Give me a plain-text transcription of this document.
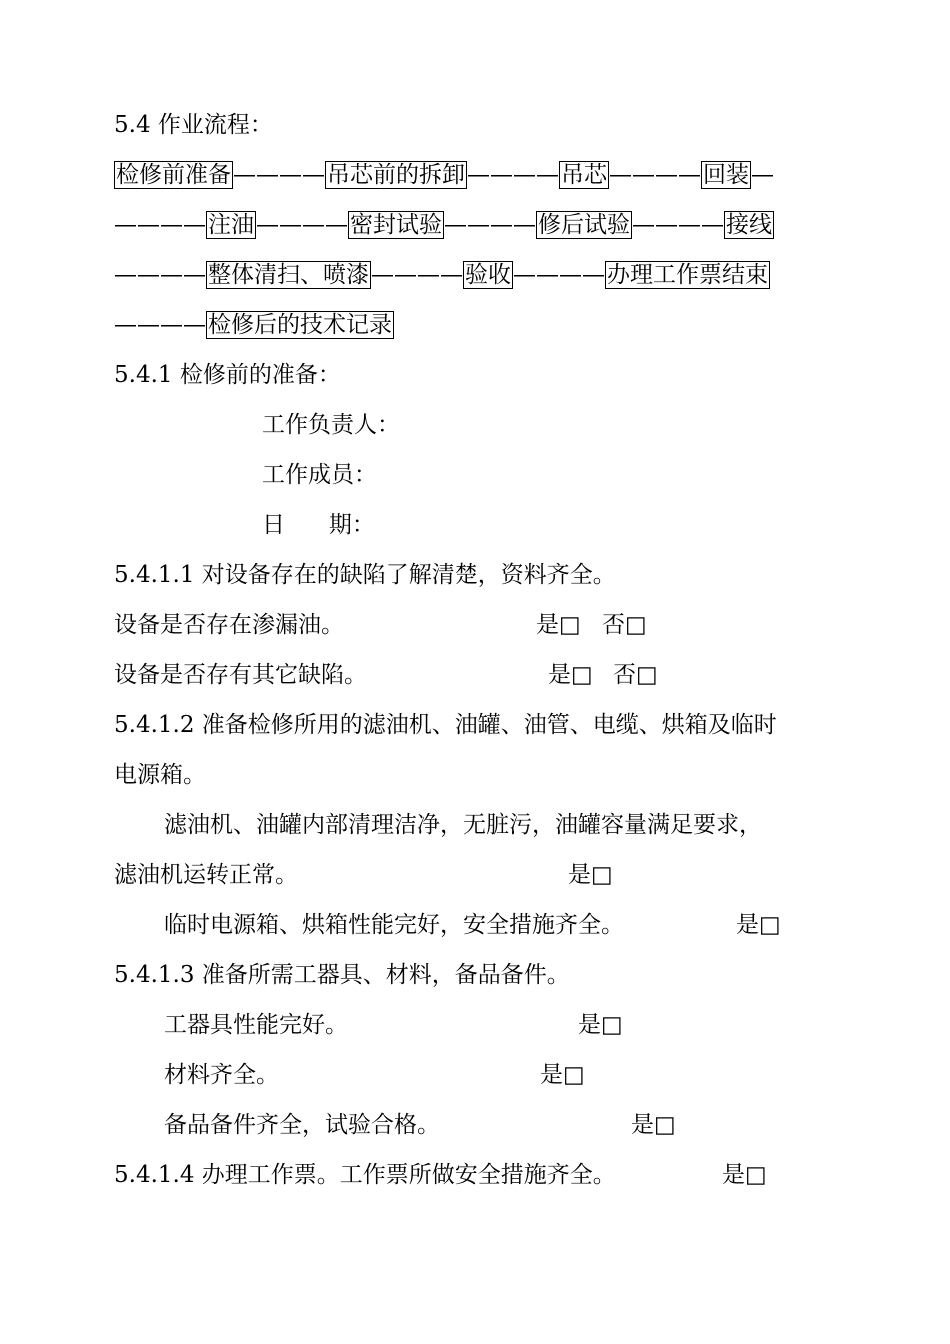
5.4 作业流程：
检修前准备————吊芯前的拆卸————吊芯————回装—
————注油————密封试验————修后试验————接线
————整体清扫、喷漆————验收————办理工作票结束
————检修后的技术记录
5.4.1 检修前的准备：
工作负责人：
工作成员：
日      期：
5.4.1.1 对设备存在的缺陷了解清楚，资料齐全。
设备是否存在渗漏油。	是□ 否□
设备是否存有其它缺陷。	是□ 否□
5.4.1.2 准备检修所用的滤油机、油罐、油管、电缆、烘箱及临时
电源箱。
滤油机、油罐内部清理洁净，无脏污，油罐容量满足要求，
滤油机运转正常。	是□
临时电源箱、烘箱性能完好，安全措施齐全。	是□
5.4.1.3 准备所需工器具、材料，备品备件。
工器具性能完好。	是□
材料齐全。	是□
备品备件齐全，试验合格。	是□
5.4.1.4 办理工作票。工作票所做安全措施齐全。	是□
